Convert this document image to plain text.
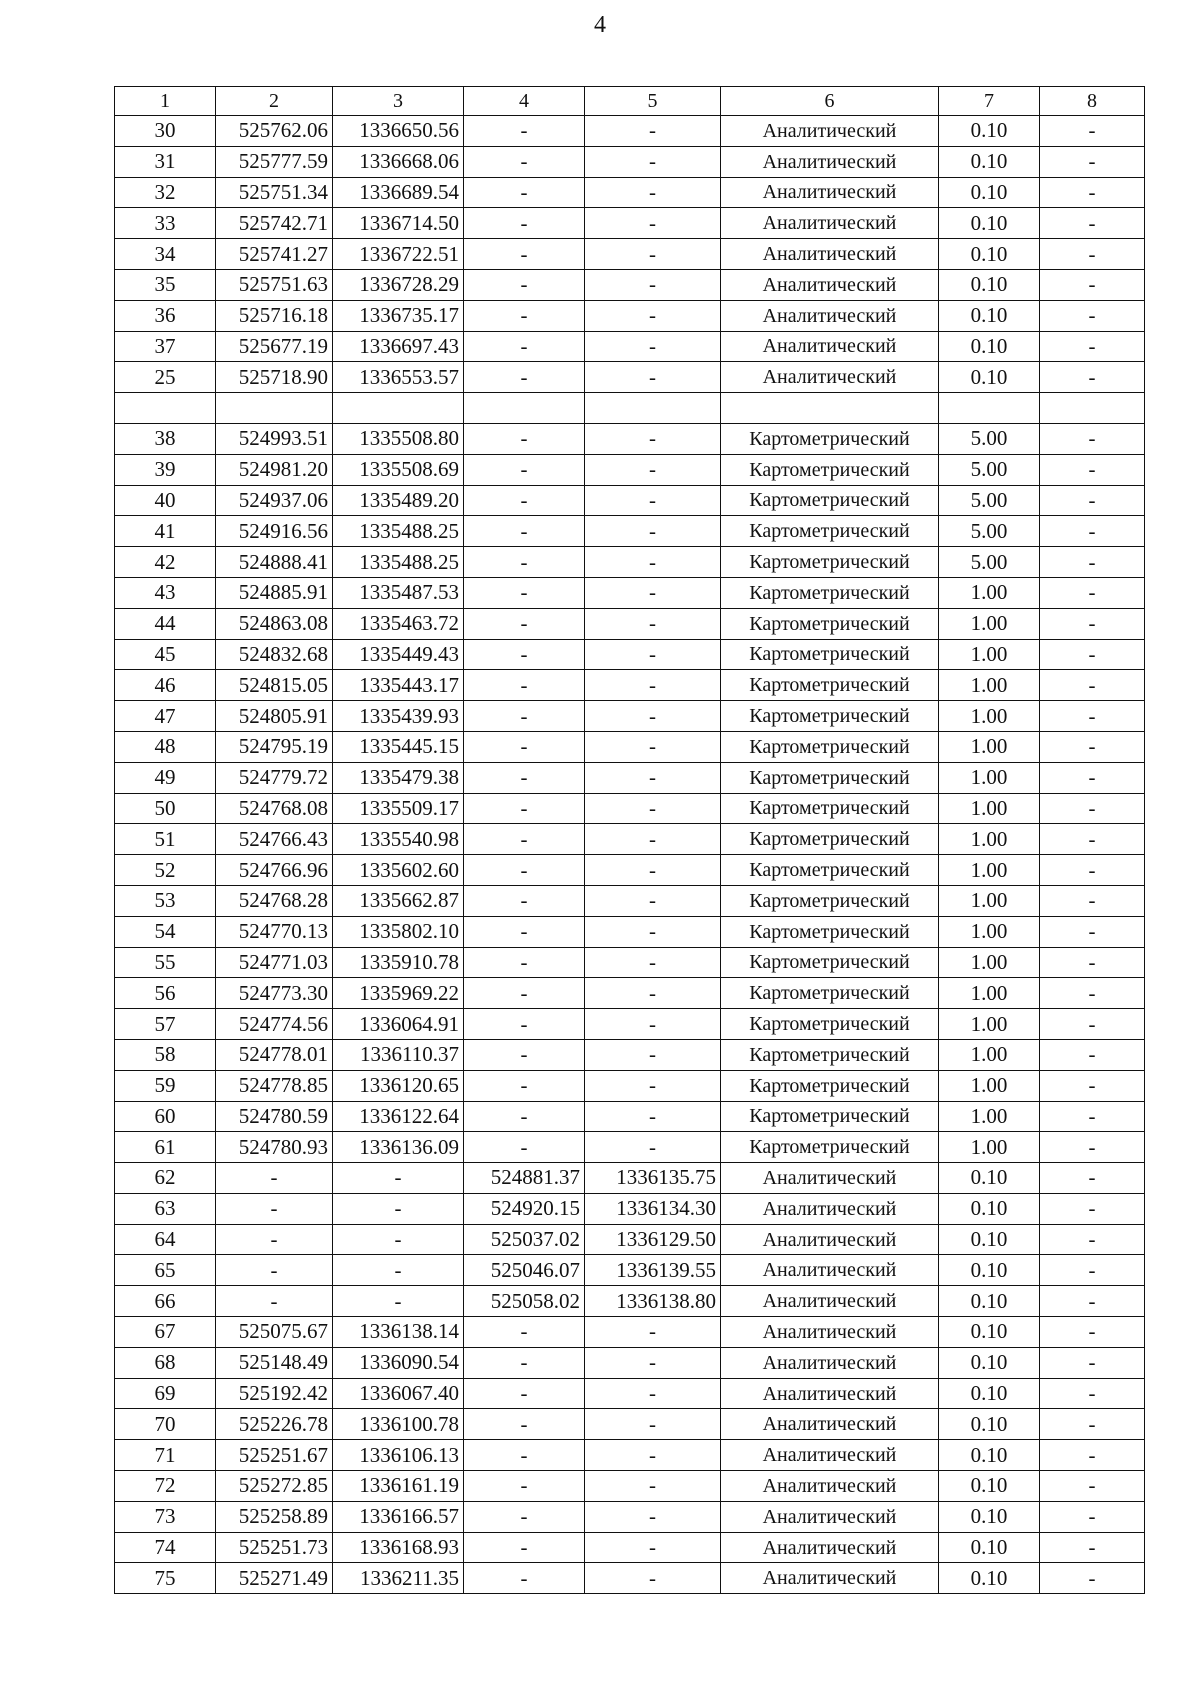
4
1	2	3	4	5	6	7	8
30	525762.06	1336650.56	-	-	Аналитический	0.10	-
31	525777.59	1336668.06	-	-	Аналитический	0.10	-
32	525751.34	1336689.54	-	-	Аналитический	0.10	-
33	525742.71	1336714.50	-	-	Аналитический	0.10	-
34	525741.27	1336722.51	-	-	Аналитический	0.10	-
35	525751.63	1336728.29	-	-	Аналитический	0.10	-
36	525716.18	1336735.17	-	-	Аналитический	0.10	-
37	525677.19	1336697.43	-	-	Аналитический	0.10	-
25	525718.90	1336553.57	-	-	Аналитический	0.10	-

38	524993.51	1335508.80	-	-	Картометрический	5.00	-
39	524981.20	1335508.69	-	-	Картометрический	5.00	-
40	524937.06	1335489.20	-	-	Картометрический	5.00	-
41	524916.56	1335488.25	-	-	Картометрический	5.00	-
42	524888.41	1335488.25	-	-	Картометрический	5.00	-
43	524885.91	1335487.53	-	-	Картометрический	1.00	-
44	524863.08	1335463.72	-	-	Картометрический	1.00	-
45	524832.68	1335449.43	-	-	Картометрический	1.00	-
46	524815.05	1335443.17	-	-	Картометрический	1.00	-
47	524805.91	1335439.93	-	-	Картометрический	1.00	-
48	524795.19	1335445.15	-	-	Картометрический	1.00	-
49	524779.72	1335479.38	-	-	Картометрический	1.00	-
50	524768.08	1335509.17	-	-	Картометрический	1.00	-
51	524766.43	1335540.98	-	-	Картометрический	1.00	-
52	524766.96	1335602.60	-	-	Картометрический	1.00	-
53	524768.28	1335662.87	-	-	Картометрический	1.00	-
54	524770.13	1335802.10	-	-	Картометрический	1.00	-
55	524771.03	1335910.78	-	-	Картометрический	1.00	-
56	524773.30	1335969.22	-	-	Картометрический	1.00	-
57	524774.56	1336064.91	-	-	Картометрический	1.00	-
58	524778.01	1336110.37	-	-	Картометрический	1.00	-
59	524778.85	1336120.65	-	-	Картометрический	1.00	-
60	524780.59	1336122.64	-	-	Картометрический	1.00	-
61	524780.93	1336136.09	-	-	Картометрический	1.00	-
62	-	-	524881.37	1336135.75	Аналитический	0.10	-
63	-	-	524920.15	1336134.30	Аналитический	0.10	-
64	-	-	525037.02	1336129.50	Аналитический	0.10	-
65	-	-	525046.07	1336139.55	Аналитический	0.10	-
66	-	-	525058.02	1336138.80	Аналитический	0.10	-
67	525075.67	1336138.14	-	-	Аналитический	0.10	-
68	525148.49	1336090.54	-	-	Аналитический	0.10	-
69	525192.42	1336067.40	-	-	Аналитический	0.10	-
70	525226.78	1336100.78	-	-	Аналитический	0.10	-
71	525251.67	1336106.13	-	-	Аналитический	0.10	-
72	525272.85	1336161.19	-	-	Аналитический	0.10	-
73	525258.89	1336166.57	-	-	Аналитический	0.10	-
74	525251.73	1336168.93	-	-	Аналитический	0.10	-
75	525271.49	1336211.35	-	-	Аналитический	0.10	-
